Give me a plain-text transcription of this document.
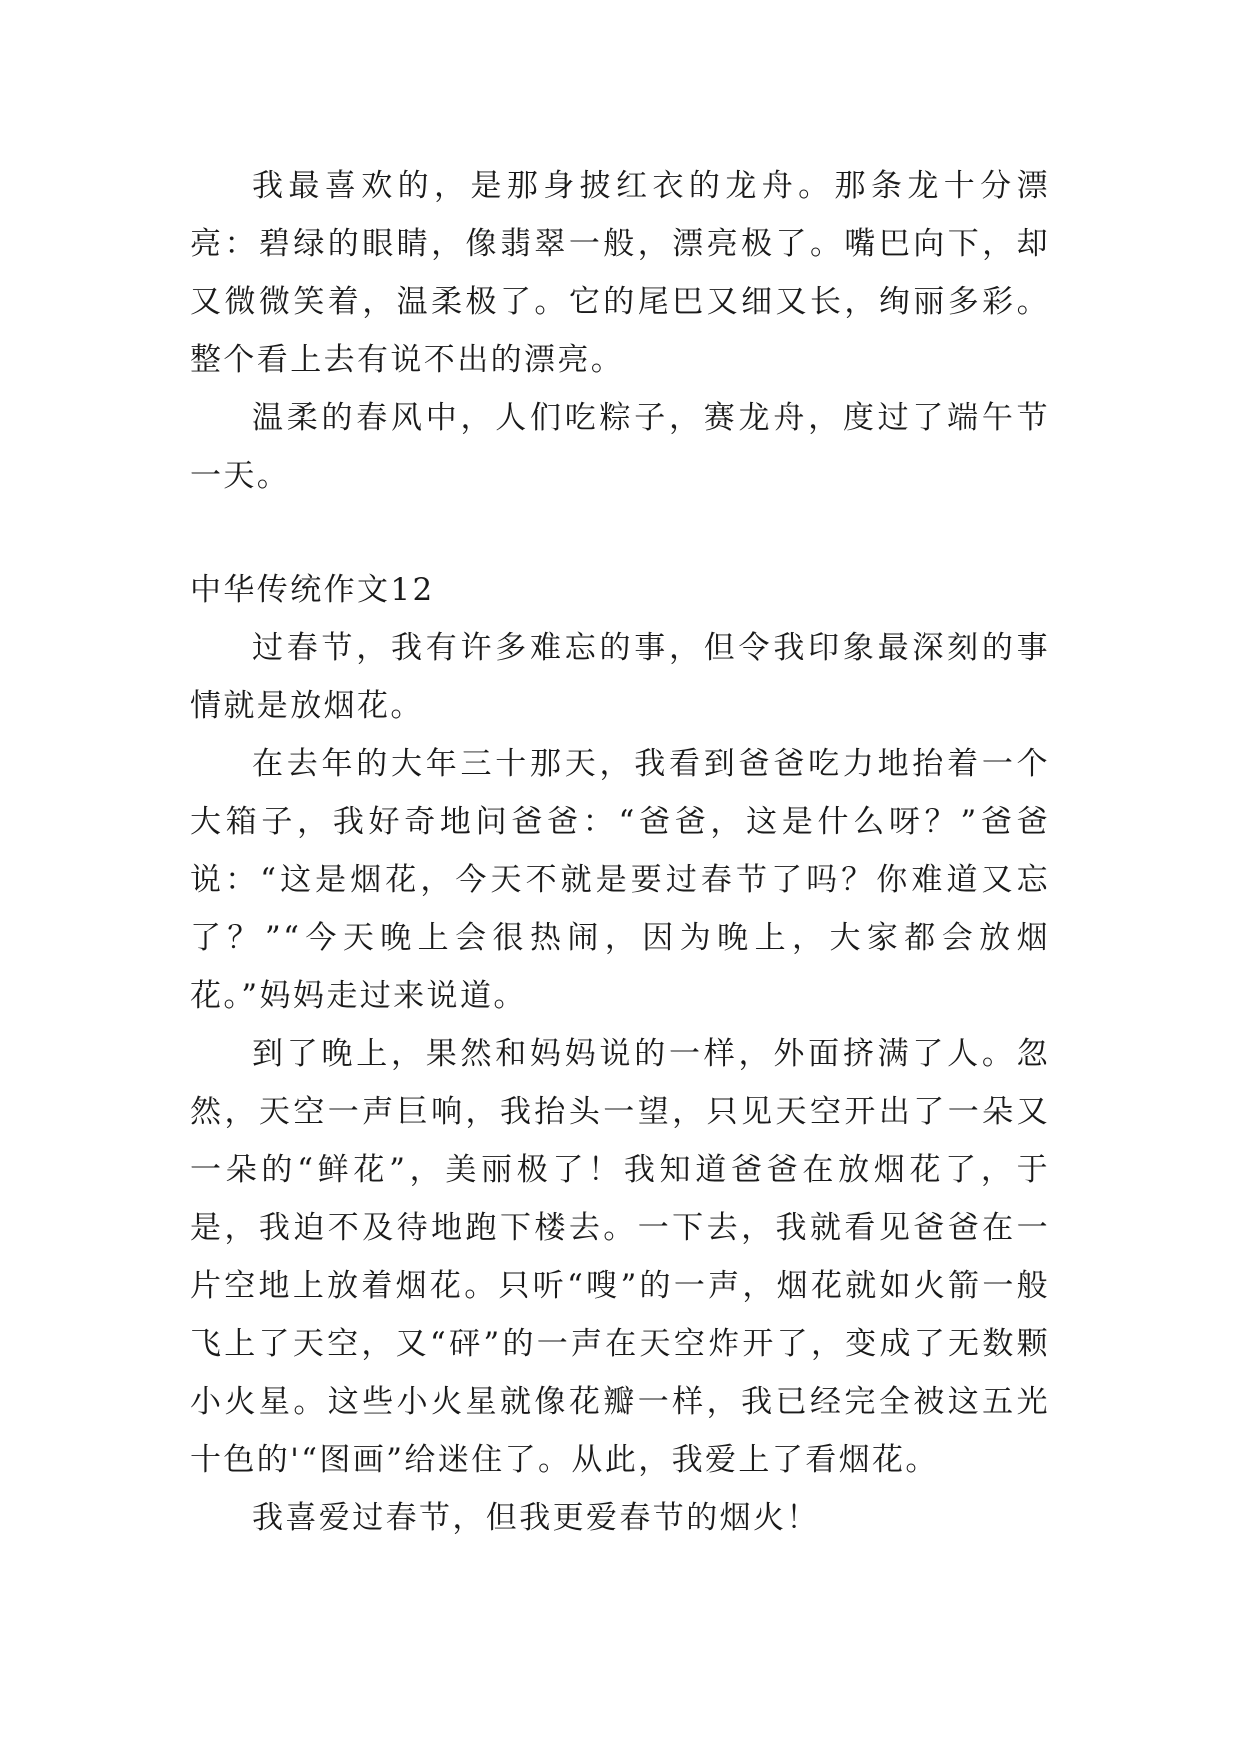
我最喜欢的，是那身披红衣的龙舟。那条龙十分漂亮：碧绿的眼睛，像翡翠一般，漂亮极了。嘴巴向下，却又微微笑着，温柔极了。它的尾巴又细又长，绚丽多彩。整个看上去有说不出的漂亮。

温柔的春风中，人们吃粽子，赛龙舟，度过了端午节一天。

中华传统作文12

过春节，我有许多难忘的事，但令我印象最深刻的事情就是放烟花。

在去年的大年三十那天，我看到爸爸吃力地抬着一个大箱子，我好奇地问爸爸：“爸爸，这是什么呀？”爸爸说：“这是烟花，今天不就是要过春节了吗？你难道又忘了？”“今天晚上会很热闹，因为晚上，大家都会放烟花。”妈妈走过来说道。

到了晚上，果然和妈妈说的一样，外面挤满了人。忽然，天空一声巨响，我抬头一望，只见天空开出了一朵又一朵的“鲜花”，美丽极了！我知道爸爸在放烟花了，于是，我迫不及待地跑下楼去。一下去，我就看见爸爸在一片空地上放着烟花。只听“嗖”的一声，烟花就如火箭一般飞上了天空，又“砰”的一声在天空炸开了，变成了无数颗小火星。这些小火星就像花瓣一样，我已经完全被这五光十色的'“图画”给迷住了。从此，我爱上了看烟花。

我喜爱过春节，但我更爱春节的烟火！
